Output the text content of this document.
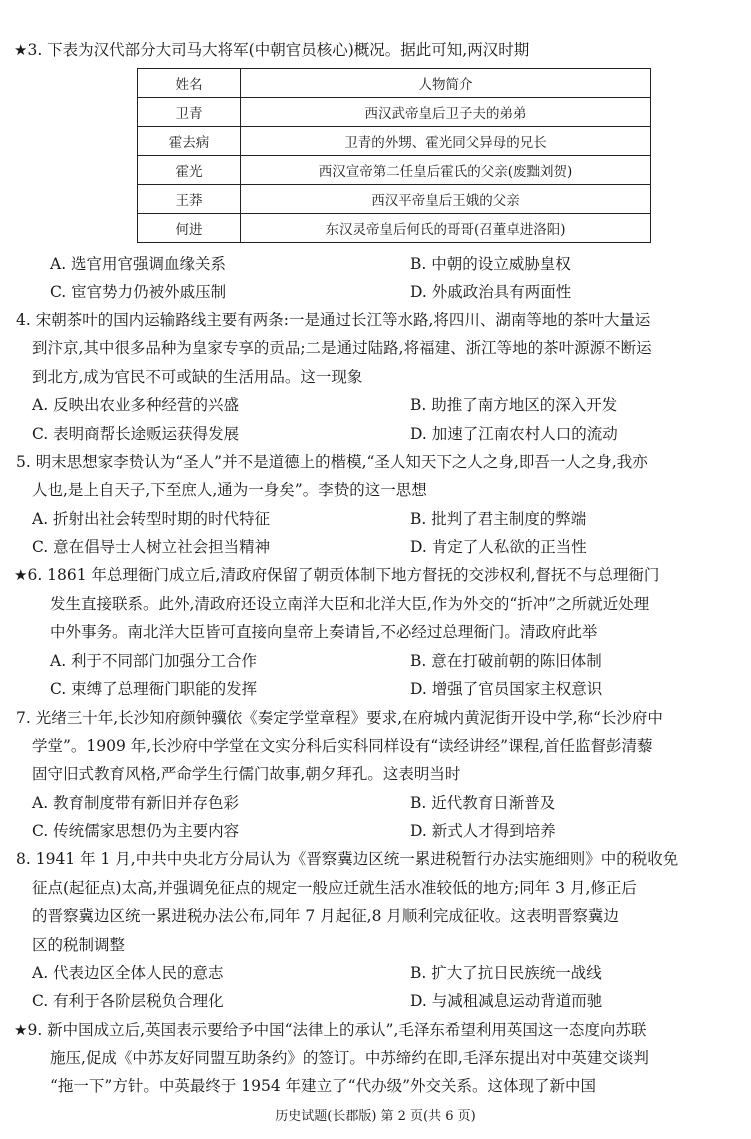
★3. 下表为汉代部分大司马大将军(中朝官员核心)概况。据此可知,两汉时期
姓名	人物简介
卫青	西汉武帝皇后卫子夫的弟弟
霍去病	卫青的外甥、霍光同父异母的兄长
霍光	西汉宣帝第二任皇后霍氏的父亲(废黜刘贺)
王莽	西汉平帝皇后王娥的父亲
何进	东汉灵帝皇后何氏的哥哥(召董卓进洛阳)
A. 选官用官强调血缘关系	B. 中朝的设立威胁皇权
C. 宦官势力仍被外戚压制	D. 外戚政治具有两面性
4. 宋朝茶叶的国内运输路线主要有两条:一是通过长江等水路,将四川、湖南等地的茶叶大量运
到汴京,其中很多品种为皇家专享的贡品;二是通过陆路,将福建、浙江等地的茶叶源源不断运
到北方,成为官民不可或缺的生活用品。这一现象
A. 反映出农业多种经营的兴盛	B. 助推了南方地区的深入开发
C. 表明商帮长途贩运获得发展	D. 加速了江南农村人口的流动
5. 明末思想家李贽认为“圣人”并不是道德上的楷模,“圣人知天下之人之身,即吾一人之身,我亦
人也,是上自天子,下至庶人,通为一身矣”。李贽的这一思想
A. 折射出社会转型时期的时代特征	B. 批判了君主制度的弊端
C. 意在倡导士人树立社会担当精神	D. 肯定了人私欲的正当性
★6. 1861 年总理衙门成立后,清政府保留了朝贡体制下地方督抚的交涉权利,督抚不与总理衙门
发生直接联系。此外,清政府还设立南洋大臣和北洋大臣,作为外交的“折冲”之所就近处理
中外事务。南北洋大臣皆可直接向皇帝上奏请旨,不必经过总理衙门。清政府此举
A. 利于不同部门加强分工合作	B. 意在打破前朝的陈旧体制
C. 束缚了总理衙门职能的发挥	D. 增强了官员国家主权意识
7. 光绪三十年,长沙知府颜钟骥依《奏定学堂章程》要求,在府城内黄泥街开设中学,称“长沙府中
学堂”。1909 年,长沙府中学堂在文实分科后实科同样设有“读经讲经”课程,首任监督彭清藜
固守旧式教育风格,严命学生行儒门故事,朝夕拜孔。这表明当时
A. 教育制度带有新旧并存色彩	B. 近代教育日渐普及
C. 传统儒家思想仍为主要内容	D. 新式人才得到培养
8. 1941 年 1 月,中共中央北方分局认为《晋察冀边区统一累进税暂行办法实施细则》中的税收免
征点(起征点)太高,并强调免征点的规定一般应迁就生活水准较低的地方;同年 3 月,修正后
的晋察冀边区统一累进税办法公布,同年 7 月起征,8 月顺利完成征收。这表明晋察冀边
区的税制调整
A. 代表边区全体人民的意志	B. 扩大了抗日民族统一战线
C. 有利于各阶层税负合理化	D. 与减租减息运动背道而驰
★9. 新中国成立后,英国表示要给予中国“法律上的承认”,毛泽东希望利用英国这一态度向苏联
施压,促成《中苏友好同盟互助条约》的签订。中苏缔约在即,毛泽东提出对中英建交谈判
“拖一下”方针。中英最终于 1954 年建立了“代办级”外交关系。这体现了新中国
历史试题(长郡版) 第 2 页(共 6 页)
